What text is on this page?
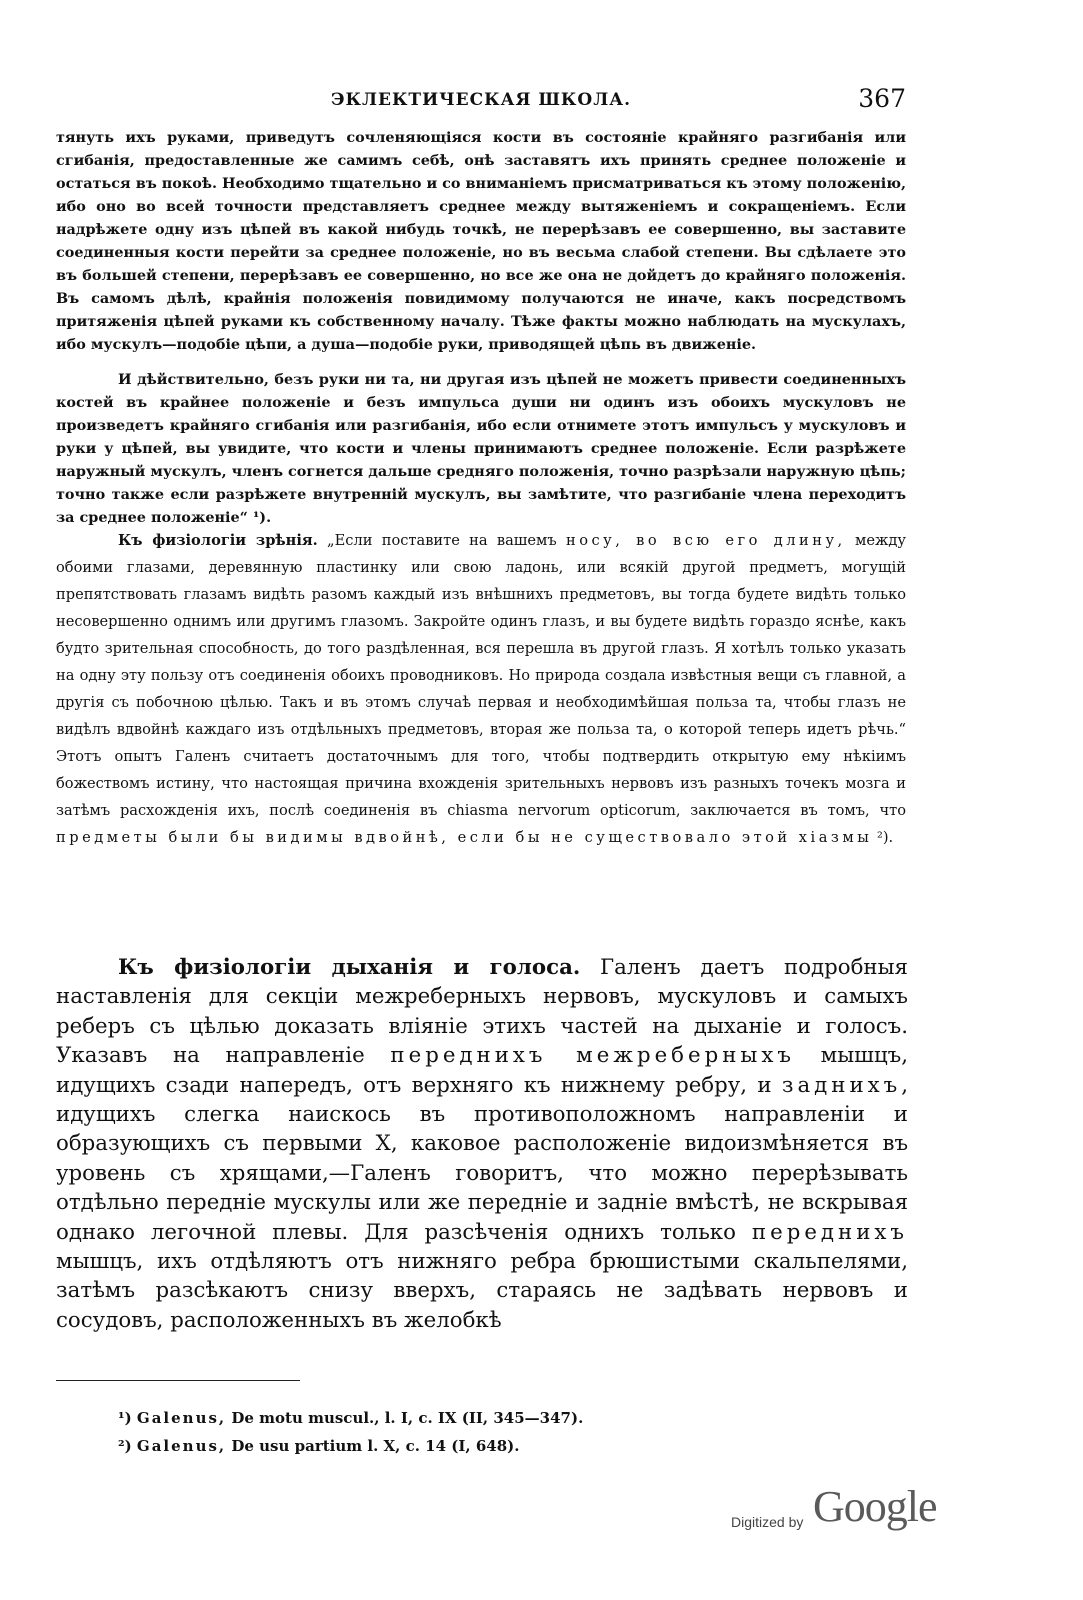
ЭКЛЕКТИЧЕСКАЯ ШКОЛА.	367

тянуть ихъ руками, приведутъ сочленяющіяся кости въ состояніе крайняго разгибанія или сгибанія, предоставленные же самимъ себѣ, онѣ заставятъ ихъ принять среднее положеніе и остаться въ покоѣ. Необходимо тщательно и со вниманіемъ присматриваться къ этому положенію, ибо оно во всей точности представляетъ среднее между вытяженіемъ и сокращеніемъ. Если надрѣжете одну изъ цѣпей въ какой нибудь точкѣ, не перерѣзавъ ее совершенно, вы заставите соединенныя кости перейти за среднее положеніе, но въ весьма слабой степени. Вы сдѣлаете это въ большей степени, перерѣзавъ ее совершенно, но все же она не дойдетъ до крайняго положенія. Въ самомъ дѣлѣ, крайнія положенія повидимому получаются не иначе, какъ посредствомъ притяженія цѣпей руками къ собственному началу. Тѣже факты можно наблюдать на мускулахъ, ибо мускулъ—подобіе цѣпи, а душа—подобіе руки, приводящей цѣпь въ движеніе.

И дѣйствительно, безъ руки ни та, ни другая изъ цѣпей не можетъ привести соединенныхъ костей въ крайнее положеніе и безъ импульса души ни одинъ изъ обоихъ мускуловъ не произведетъ крайняго сгибанія или разгибанія, ибо если отнимете этотъ импульсъ у мускуловъ и руки у цѣпей, вы увидите, что кости и члены принимаютъ среднее положеніе. Если разрѣжете наружный мускулъ, членъ согнется дальше средняго положенія, точно разрѣзали наружную цѣпь; точно также если разрѣжете внутренній мускулъ, вы замѣтите, что разгибаніе члена переходитъ за среднее положеніе“ ¹).

Къ физіологіи зрѣнія. „Если поставите на вашемъ носу, во всю его длину, между обоими глазами, деревянную пластинку или свою ладонь, или всякій другой предметъ, могущій препятствовать глазамъ видѣть разомъ каждый изъ внѣшнихъ предметовъ, вы тогда будете видѣть только несовершенно однимъ или другимъ глазомъ. Закройте одинъ глазъ, и вы будете видѣть гораздо яснѣе, какъ будто зрительная способность, до того раздѣленная, вся перешла въ другой глазъ. Я хотѣлъ только указать на одну эту пользу отъ соединенія обоихъ проводниковъ. Но природа создала извѣстныя вещи съ главной, а другія съ побочною цѣлью. Такъ и въ этомъ случаѣ первая и необходимѣйшая польза та, чтобы глазъ не видѣлъ вдвойнѣ каждаго изъ отдѣльныхъ предметовъ, вторая же польза та, о которой теперь идетъ рѣчь.“ Этотъ опытъ Галенъ считаетъ достаточнымъ для того, чтобы подтвердить открытую ему нѣкіимъ божествомъ истину, что настоящая причина вхожденія зрительныхъ нервовъ изъ разныхъ точекъ мозга и затѣмъ расхожденія ихъ, послѣ соединенія въ chiasma nervorum opticorum, заключается въ томъ, что предметы были бы видимы вдвойнѣ, если бы не существовало этой хіазмы ²).

Къ физіологіи дыханія и голоса. Галенъ даетъ подробныя наставленія для секціи межреберныхъ нервовъ, мускуловъ и самыхъ реберъ съ цѣлью доказать вліяніе этихъ частей на дыханіе и голосъ. Указавъ на направленіе переднихъ межреберныхъ мышцъ, идущихъ сзади напередъ, отъ верхняго къ нижнему ребру, и заднихъ, идущихъ слегка наискось въ противоположномъ направленіи и образующихъ съ первыми X, каковое расположеніе видоизмѣняется въ уровень съ хрящами,—Галенъ говоритъ, что можно перерѣзывать отдѣльно передніе мускулы или же передніе и задніе вмѣстѣ, не вскрывая однако легочной плевы. Для разсѣченія однихъ только переднихъ мышцъ, ихъ отдѣляютъ отъ нижняго ребра брюшистыми скальпелями, затѣмъ разсѣкаютъ снизу вверхъ, стараясь не задѣвать нервовъ и сосудовъ, расположенныхъ въ желобкѣ

¹) Galenus, De motu muscul., l. I, c. IX (II, 345—347).
²) Galenus, De usu partium l. X, c. 14 (I, 648).
Digitized by Google
